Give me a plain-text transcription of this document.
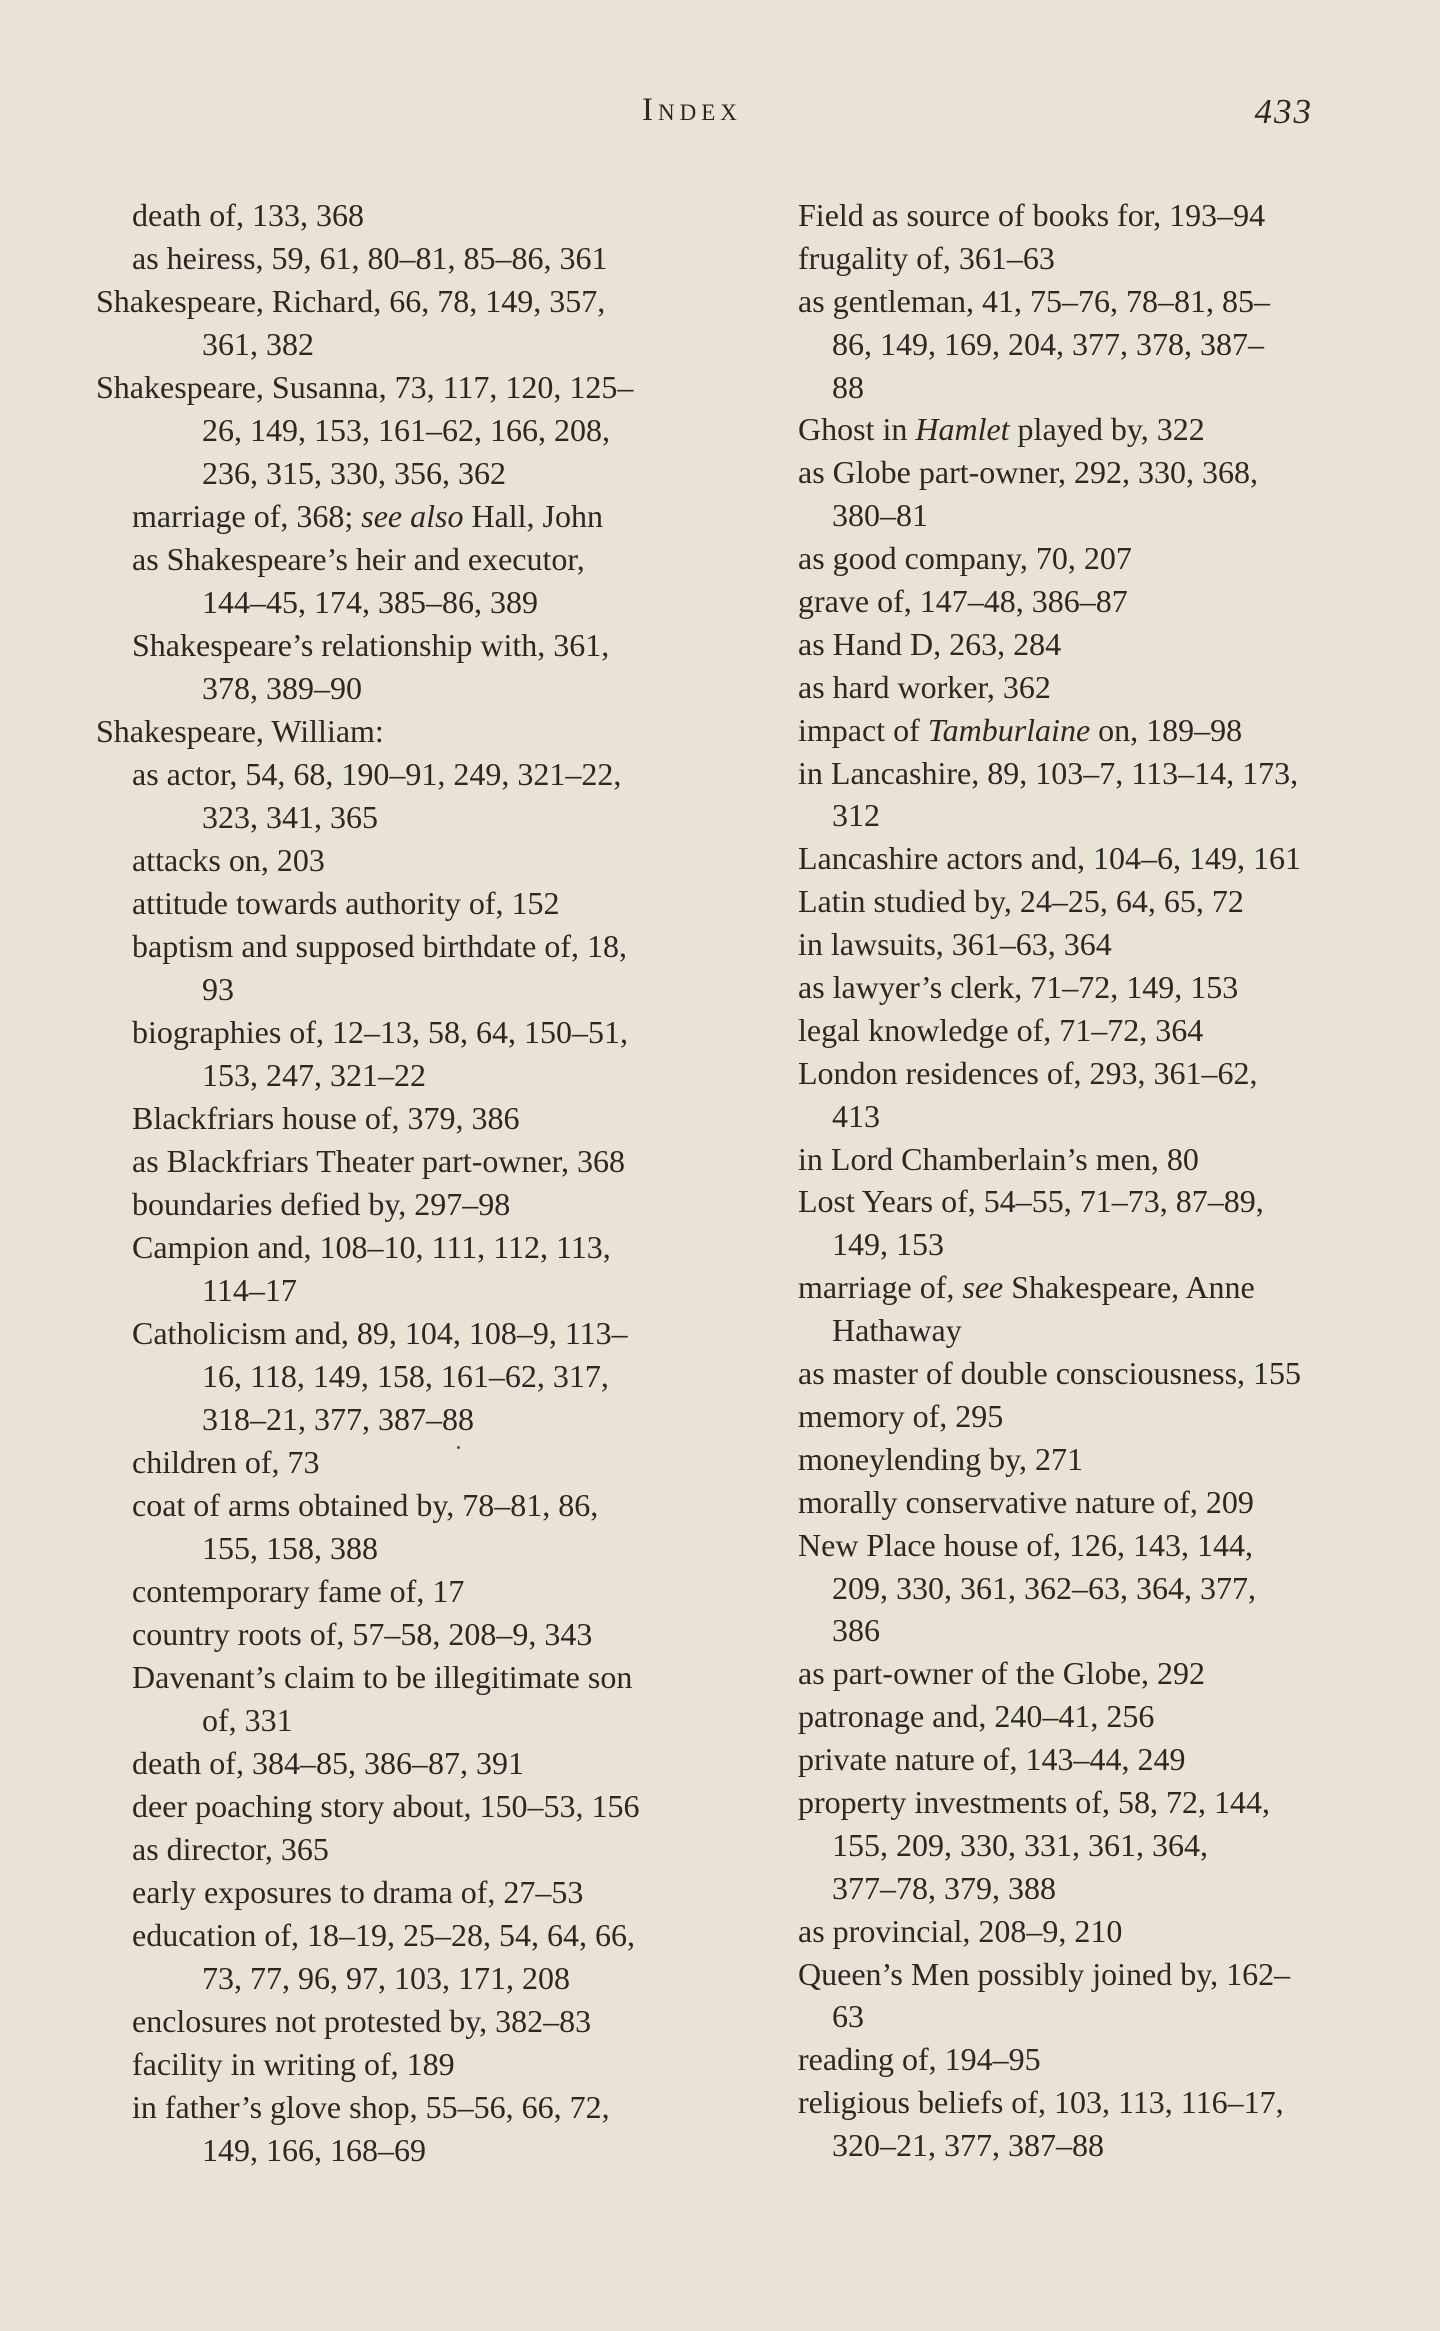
Index	433
death of, 133, 368
as heiress, 59, 61, 80–81, 85–86, 361
Shakespeare, Richard, 66, 78, 149, 357,
361, 382
Shakespeare, Susanna, 73, 117, 120, 125–
26, 149, 153, 161–62, 166, 208,
236, 315, 330, 356, 362
marriage of, 368; see also Hall, John
as Shakespeare’s heir and executor,
144–45, 174, 385–86, 389
Shakespeare’s relationship with, 361,
378, 389–90
Shakespeare, William:
as actor, 54, 68, 190–91, 249, 321–22,
323, 341, 365
attacks on, 203
attitude towards authority of, 152
baptism and supposed birthdate of, 18,
93
biographies of, 12–13, 58, 64, 150–51,
153, 247, 321–22
Blackfriars house of, 379, 386
as Blackfriars Theater part-owner, 368
boundaries defied by, 297–98
Campion and, 108–10, 111, 112, 113,
114–17
Catholicism and, 89, 104, 108–9, 113–
16, 118, 149, 158, 161–62, 317,
318–21, 377, 387–88
children of, 73
coat of arms obtained by, 78–81, 86,
155, 158, 388
contemporary fame of, 17
country roots of, 57–58, 208–9, 343
Davenant’s claim to be illegitimate son
of, 331
death of, 384–85, 386–87, 391
deer poaching story about, 150–53, 156
as director, 365
early exposures to drama of, 27–53
education of, 18–19, 25–28, 54, 64, 66,
73, 77, 96, 97, 103, 171, 208
enclosures not protested by, 382–83
facility in writing of, 189
in father’s glove shop, 55–56, 66, 72,
149, 166, 168–69
Field as source of books for, 193–94
frugality of, 361–63
as gentleman, 41, 75–76, 78–81, 85–
86, 149, 169, 204, 377, 378, 387–
88
Ghost in Hamlet played by, 322
as Globe part-owner, 292, 330, 368,
380–81
as good company, 70, 207
grave of, 147–48, 386–87
as Hand D, 263, 284
as hard worker, 362
impact of Tamburlaine on, 189–98
in Lancashire, 89, 103–7, 113–14, 173,
312
Lancashire actors and, 104–6, 149, 161
Latin studied by, 24–25, 64, 65, 72
in lawsuits, 361–63, 364
as lawyer’s clerk, 71–72, 149, 153
legal knowledge of, 71–72, 364
London residences of, 293, 361–62,
413
in Lord Chamberlain’s men, 80
Lost Years of, 54–55, 71–73, 87–89,
149, 153
marriage of, see Shakespeare, Anne
Hathaway
as master of double consciousness, 155
memory of, 295
moneylending by, 271
morally conservative nature of, 209
New Place house of, 126, 143, 144,
209, 330, 361, 362–63, 364, 377,
386
as part-owner of the Globe, 292
patronage and, 240–41, 256
private nature of, 143–44, 249
property investments of, 58, 72, 144,
155, 209, 330, 331, 361, 364,
377–78, 379, 388
as provincial, 208–9, 210
Queen’s Men possibly joined by, 162–
63
reading of, 194–95
religious beliefs of, 103, 113, 116–17,
320–21, 377, 387–88
